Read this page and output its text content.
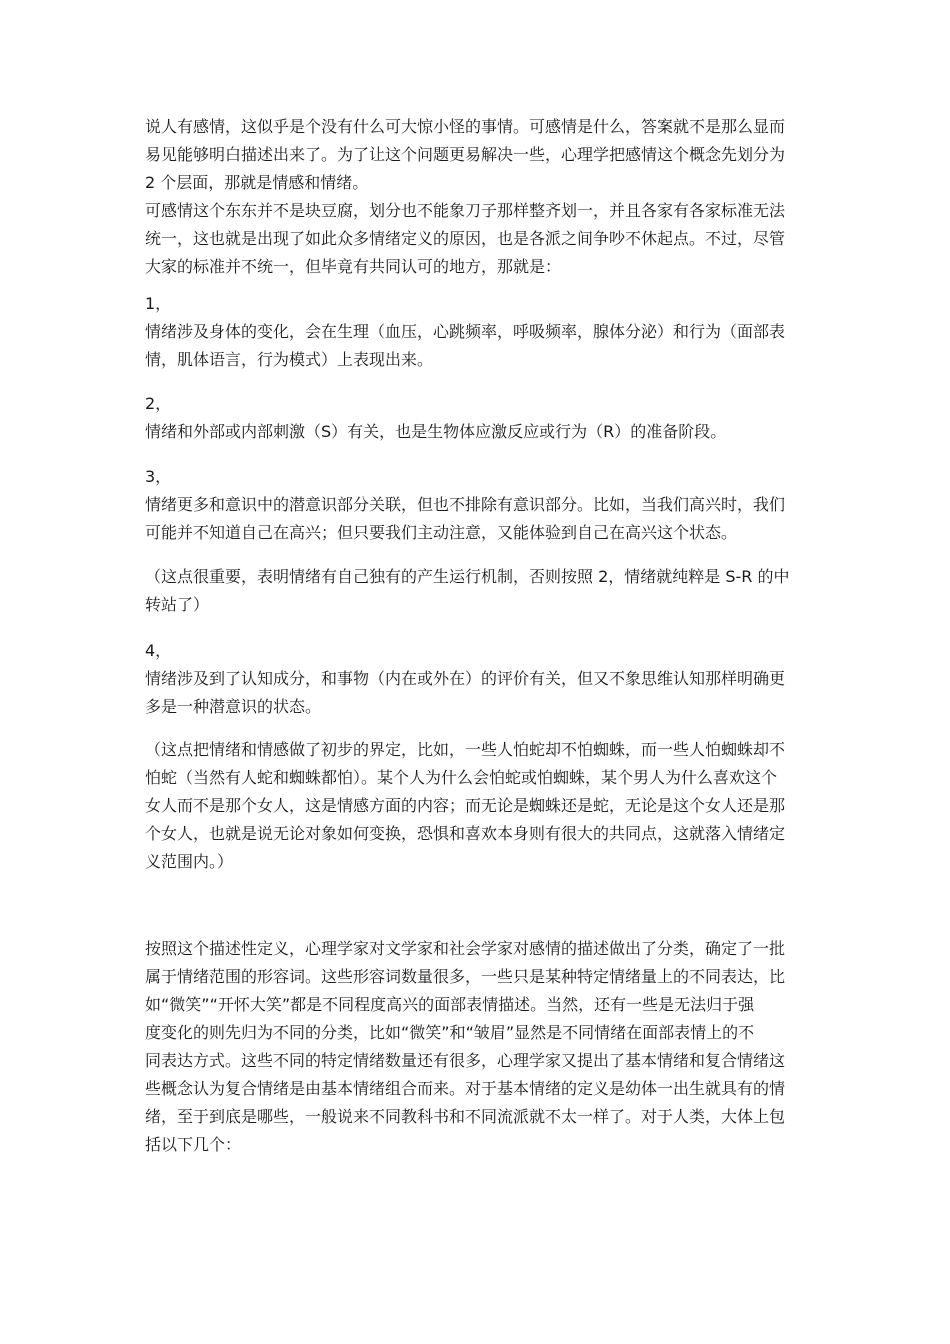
说人有感情，这似乎是个没有什么可大惊小怪的事情。可感情是什么，答案就不是那么显而
易见能够明白描述出来了。为了让这个问题更易解决一些，心理学把感情这个概念先划分为
2 个层面，那就是情感和情绪。
可感情这个东东并不是块豆腐，划分也不能象刀子那样整齐划一，并且各家有各家标准无法
统一，这也就是出现了如此众多情绪定义的原因，也是各派之间争吵不休起点。不过，尽管
大家的标准并不统一，但毕竟有共同认可的地方，那就是：
1，
情绪涉及身体的变化，会在生理（血压，心跳频率，呼吸频率，腺体分泌）和行为（面部表
情，肌体语言，行为模式）上表现出来。
2，
情绪和外部或内部刺激（S）有关，也是生物体应激反应或行为（R）的准备阶段。
3，
情绪更多和意识中的潜意识部分关联，但也不排除有意识部分。比如，当我们高兴时，我们
可能并不知道自己在高兴；但只要我们主动注意，又能体验到自己在高兴这个状态。
（这点很重要，表明情绪有自己独有的产生运行机制，否则按照 2，情绪就纯粹是 S-R 的中
转站了）
4，
情绪涉及到了认知成分，和事物（内在或外在）的评价有关，但又不象思维认知那样明确更
多是一种潜意识的状态。
（这点把情绪和情感做了初步的界定，比如，一些人怕蛇却不怕蜘蛛，而一些人怕蜘蛛却不
怕蛇（当然有人蛇和蜘蛛都怕）。某个人为什么会怕蛇或怕蜘蛛，某个男人为什么喜欢这个
女人而不是那个女人，这是情感方面的内容；而无论是蜘蛛还是蛇，无论是这个女人还是那
个女人，也就是说无论对象如何变换，恐惧和喜欢本身则有很大的共同点，这就落入情绪定
义范围内。）
按照这个描述性定义，心理学家对文学家和社会学家对感情的描述做出了分类，确定了一批
属于情绪范围的形容词。这些形容词数量很多，一些只是某种特定情绪量上的不同表达，比
如“微笑”“开怀大笑”都是不同程度高兴的面部表情描述。当然，还有一些是无法归于强
度变化的则先归为不同的分类，比如“微笑”和“皱眉”显然是不同情绪在面部表情上的不
同表达方式。这些不同的特定情绪数量还有很多，心理学家又提出了基本情绪和复合情绪这
些概念认为复合情绪是由基本情绪组合而来。对于基本情绪的定义是幼体一出生就具有的情
绪，至于到底是哪些，一般说来不同教科书和不同流派就不太一样了。对于人类，大体上包
括以下几个：
